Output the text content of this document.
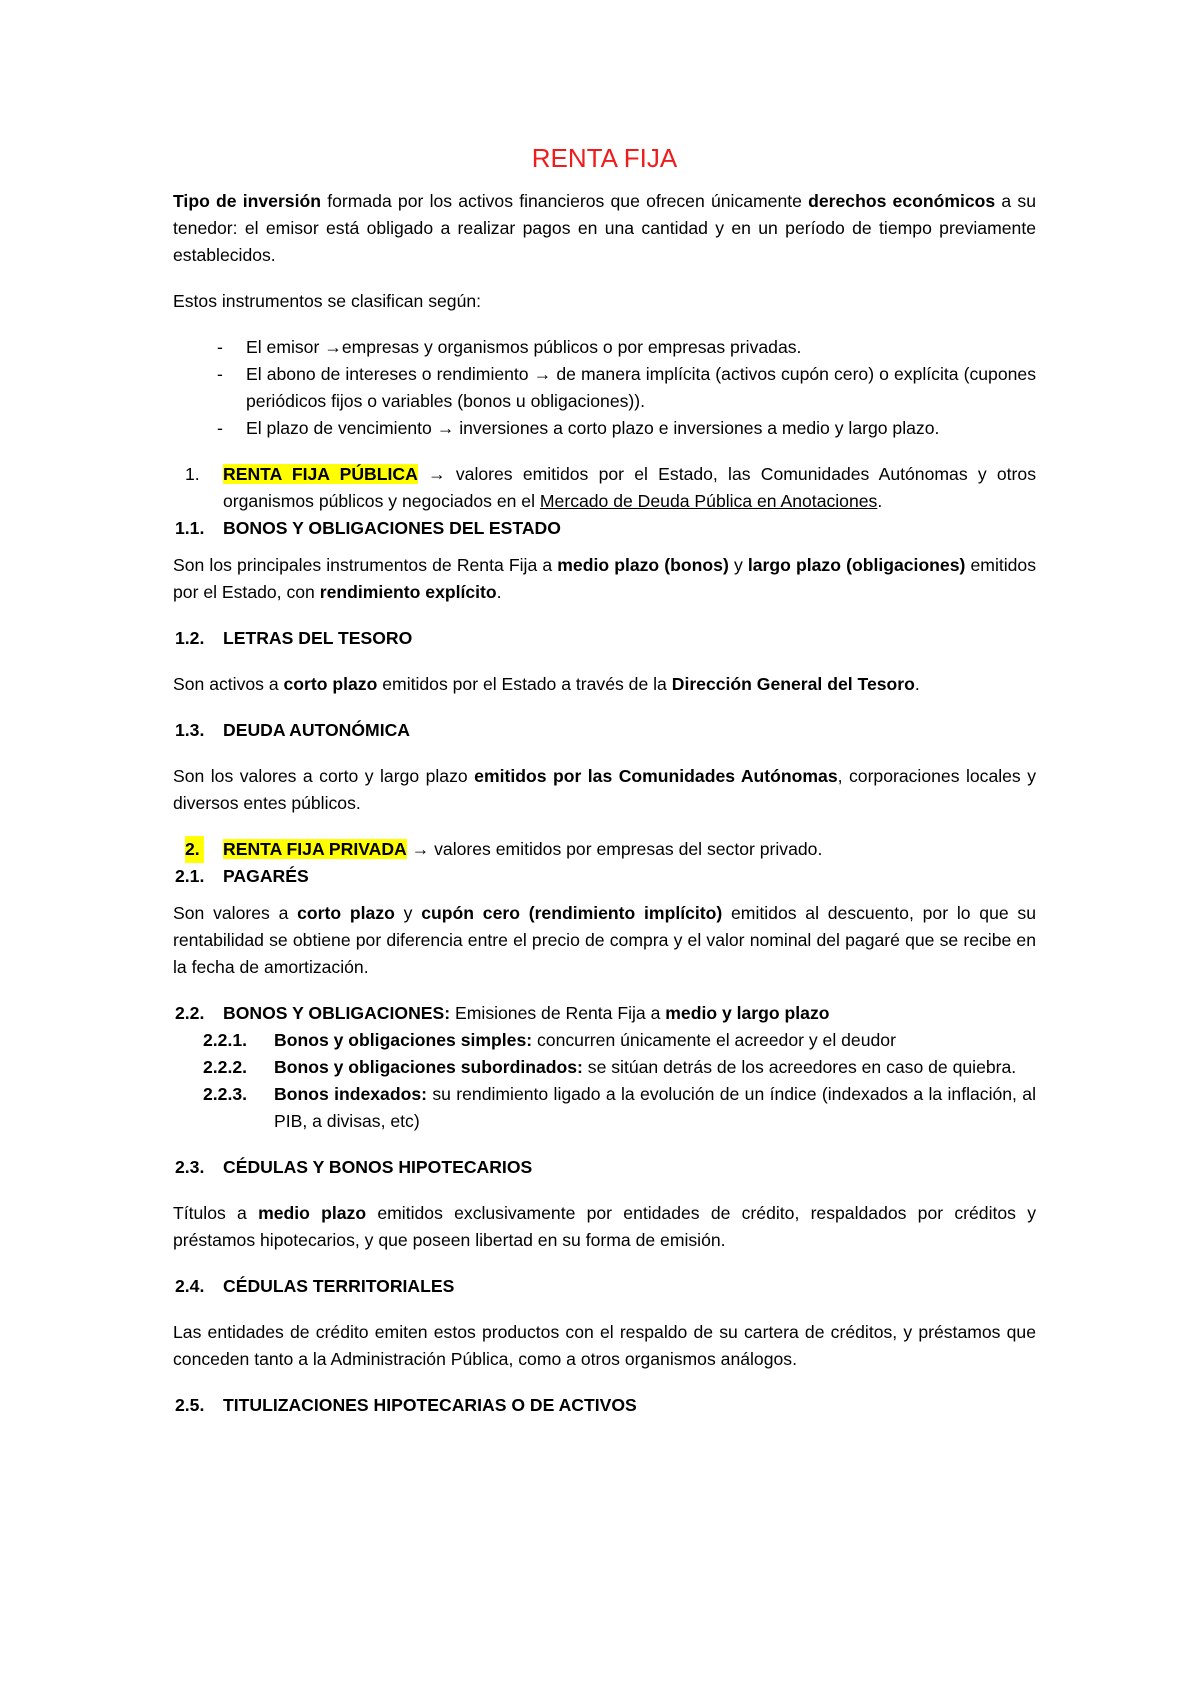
RENTA FIJA

Tipo de inversión formada por los activos financieros que ofrecen únicamente derechos económicos a su tenedor: el emisor está obligado a realizar pagos en una cantidad y en un período de tiempo previamente establecidos.

Estos instrumentos se clasifican según:

- El emisor →empresas y organismos públicos o por empresas privadas.

- El abono de intereses o rendimiento → de manera implícita (activos cupón cero) o explícita (cupones periódicos fijos o variables (bonos u obligaciones)).

- El plazo de vencimiento → inversiones a corto plazo e inversiones a medio y largo plazo.

1. RENTA FIJA PÚBLICA → valores emitidos por el Estado, las Comunidades Autónomas y otros organismos públicos y negociados en el Mercado de Deuda Pública en Anotaciones.

1.1. BONOS Y OBLIGACIONES DEL ESTADO

Son los principales instrumentos de Renta Fija a medio plazo (bonos) y largo plazo (obligaciones) emitidos por el Estado, con rendimiento explícito.

1.2. LETRAS DEL TESORO

Son activos a corto plazo emitidos por el Estado a través de la Dirección General del Tesoro.

1.3. DEUDA AUTONÓMICA

Son los valores a corto y largo plazo emitidos por las Comunidades Autónomas, corporaciones locales y diversos entes públicos.

2. RENTA FIJA PRIVADA → valores emitidos por empresas del sector privado.

2.1. PAGARÉS

Son valores a corto plazo y cupón cero (rendimiento implícito) emitidos al descuento, por lo que su rentabilidad se obtiene por diferencia entre el precio de compra y el valor nominal del pagaré que se recibe en la fecha de amortización.

2.2. BONOS Y OBLIGACIONES: Emisiones de Renta Fija a medio y largo plazo

2.2.1. Bonos y obligaciones simples: concurren únicamente el acreedor y el deudor

2.2.2. Bonos y obligaciones subordinados: se sitúan detrás de los acreedores en caso de quiebra.

2.2.3. Bonos indexados: su rendimiento ligado a la evolución de un índice (indexados a la inflación, al PIB, a divisas, etc)

2.3. CÉDULAS Y BONOS HIPOTECARIOS

Títulos a medio plazo emitidos exclusivamente por entidades de crédito, respaldados por créditos y préstamos hipotecarios, y que poseen libertad en su forma de emisión.

2.4. CÉDULAS TERRITORIALES

Las entidades de crédito emiten estos productos con el respaldo de su cartera de créditos, y préstamos que conceden tanto a la Administración Pública, como a otros organismos análogos.

2.5. TITULIZACIONES HIPOTECARIAS O DE ACTIVOS
